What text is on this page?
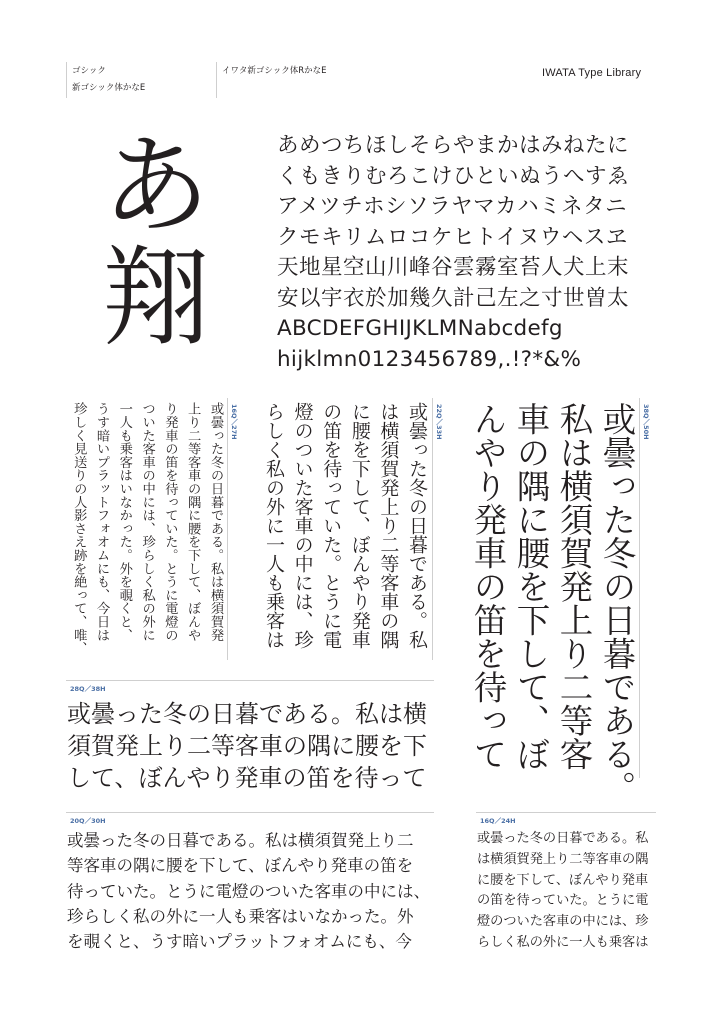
ゴシック
新ゴシック体かなE
イワタ新ゴシック体RかなE	IWATA Type Library
あ
翔
あめつちほしそらやまかはみねたに
くもきりむろこけひといぬうへすゑ
アメツチホシソラヤマカハミネタニ
クモキリムロコケヒトイヌウヘスヱ
天地星空山川峰谷雲霧室苔人犬上末
安以宇衣於加幾久計己左之寸世曽太
ABCDEFGHIJKLMNabcdefg
hijklmn0123456789,.!?*&%
38Q／50H
或曇った冬の日暮である。
私は横須賀発上り二等客
車の隅に腰を下して、ぼ
んやり発車の笛を待って
22Q／33H
或曇った冬の日暮である。私
は横須賀発上り二等客車の隅
に腰を下して、ぼんやり発車
の笛を待っていた。とうに電
燈のついた客車の中には、珍
らしく私の外に一人も乗客は
16Q／27H
或曇った冬の日暮である。私は横須賀発
上り二等客車の隅に腰を下して、ぼんや
り発車の笛を待っていた。とうに電燈の
ついた客車の中には、珍らしく私の外に
一人も乗客はいなかった。外を覗くと、
うす暗いプラットフォオムにも、今日は
珍しく見送りの人影さえ跡を絶って、唯、
28Q／38H
或曇った冬の日暮である。私は横
須賀発上り二等客車の隅に腰を下
して、ぼんやり発車の笛を待って
20Q／30H
或曇った冬の日暮である。私は横須賀発上り二
等客車の隅に腰を下して、ぼんやり発車の笛を
待っていた。とうに電燈のついた客車の中には、
珍らしく私の外に一人も乗客はいなかった。外
を覗くと、うす暗いプラットフォオムにも、今
16Q／24H
或曇った冬の日暮である。私
は横須賀発上り二等客車の隅
に腰を下して、ぼんやり発車
の笛を待っていた。とうに電
燈のついた客車の中には、珍
らしく私の外に一人も乗客は
